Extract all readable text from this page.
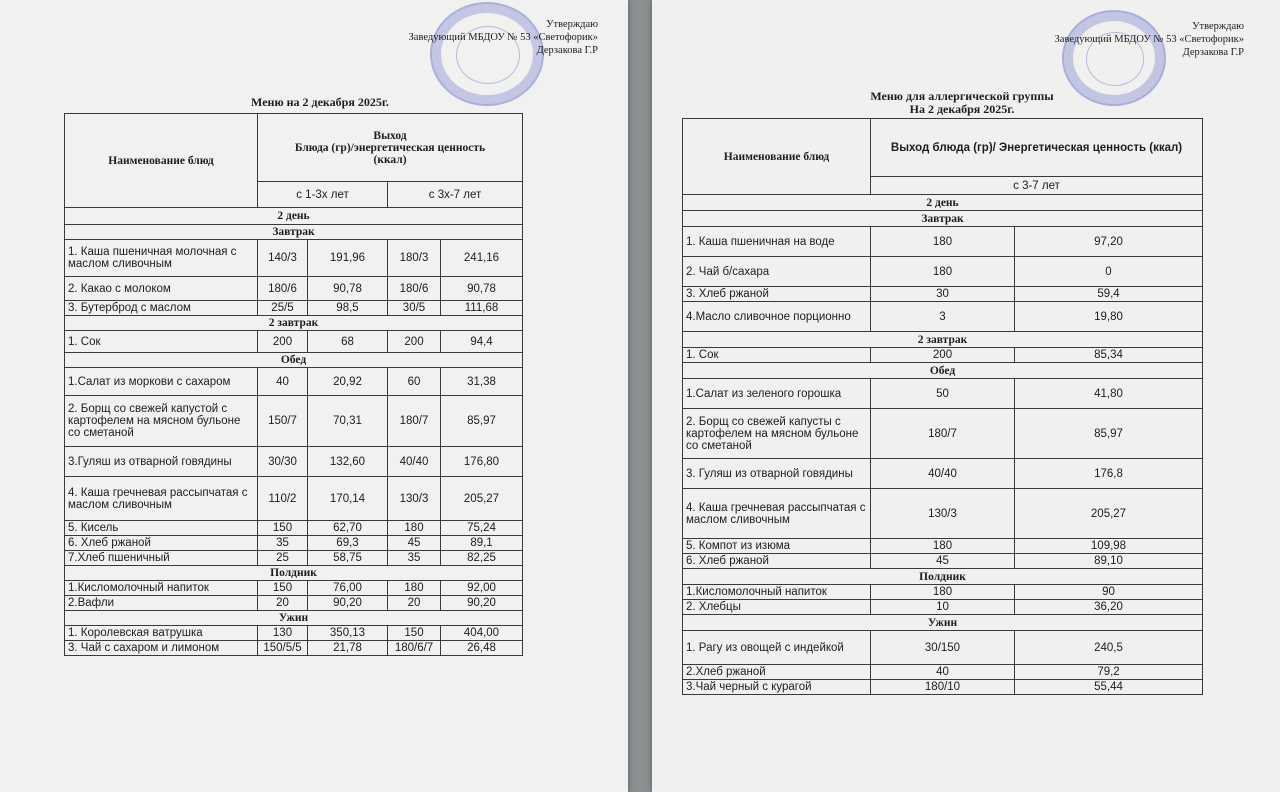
Утверждаю
Заведующий МБДОУ № 53 «Светофорик»
Дерзакова Г.Р
Меню на 2 декабря 2025г.
Наименование блюд	Выход
Блюда (гр)/энергетическая ценность
(ккал)			

	с 1-3х лет		с 3х-7 лет	
2 день				
Завтрак				
1. Каша пшеничная молочная с маслом сливочным	140/3	191,96	180/3	241,16
2. Какао с молоком	180/6	90,78	180/6	90,78
3. Бутерброд с маслом	25/5	98,5	30/5	111,68
2 завтрак				
1. Сок	200	68	200	94,4
Обед				
1.Салат из моркови с сахаром	40	20,92	60	31,38
2. Борщ со свежей капустой с картофелем на мясном бульоне со сметаной	150/7	70,31	180/7	85,97
3.Гуляш из отварной говядины	30/30	132,60	40/40	176,80
4. Каша гречневая рассыпчатая с маслом сливочным	110/2	170,14	130/3	205,27
5. Кисель	150	62,70	180	75,24
6. Хлеб ржаной	35	69,3	45	89,1
7.Хлеб пшеничный	25	58,75	35	82,25
Полдник				
1.Кисломолочный напиток	150	76,00	180	92,00
2.Вафли	20	90,20	20	90,20
Ужин				
1. Королевская ватрушка	130	350,13	150	404,00
3. Чай с сахаром и лимоном	150/5/5	21,78	180/6/7	26,48
Утверждаю
Заведующий МБДОУ № 53 «Светофорик»
Дерзакова Г.Р
Меню для аллергической группы
На 2 декабря 2025г.
Наименование блюд	Выход блюда (гр)/ Энергетическая ценность (ккал)	
	с 3-7 лет	
2 день		
Завтрак		
1. Каша пшеничная на воде	180	97,20
2. Чай б/сахара	180	0
3. Хлеб ржаной	30	59,4
4.Масло сливочное порционно	3	19,80
2 завтрак		
1. Сок	200	85,34
Обед		
1.Салат из зеленого горошка	50	41,80
2. Борщ со свежей капусты с картофелем на мясном бульоне со сметаной	180/7	85,97
3. Гуляш из отварной говядины	40/40	176,8
4. Каша гречневая рассыпчатая с маслом сливочным	130/3	205,27
5. Компот из изюма	180	109,98
6. Хлеб ржаной	45	89,10
Полдник		
1.Кисломолочный напиток	180	90
2. Хлебцы	10	36,20
Ужин		
1. Рагу из овощей с индейкой	30/150	240,5
2.Хлеб ржаной	40	79,2
3.Чай черный с курагой	180/10	55,44
